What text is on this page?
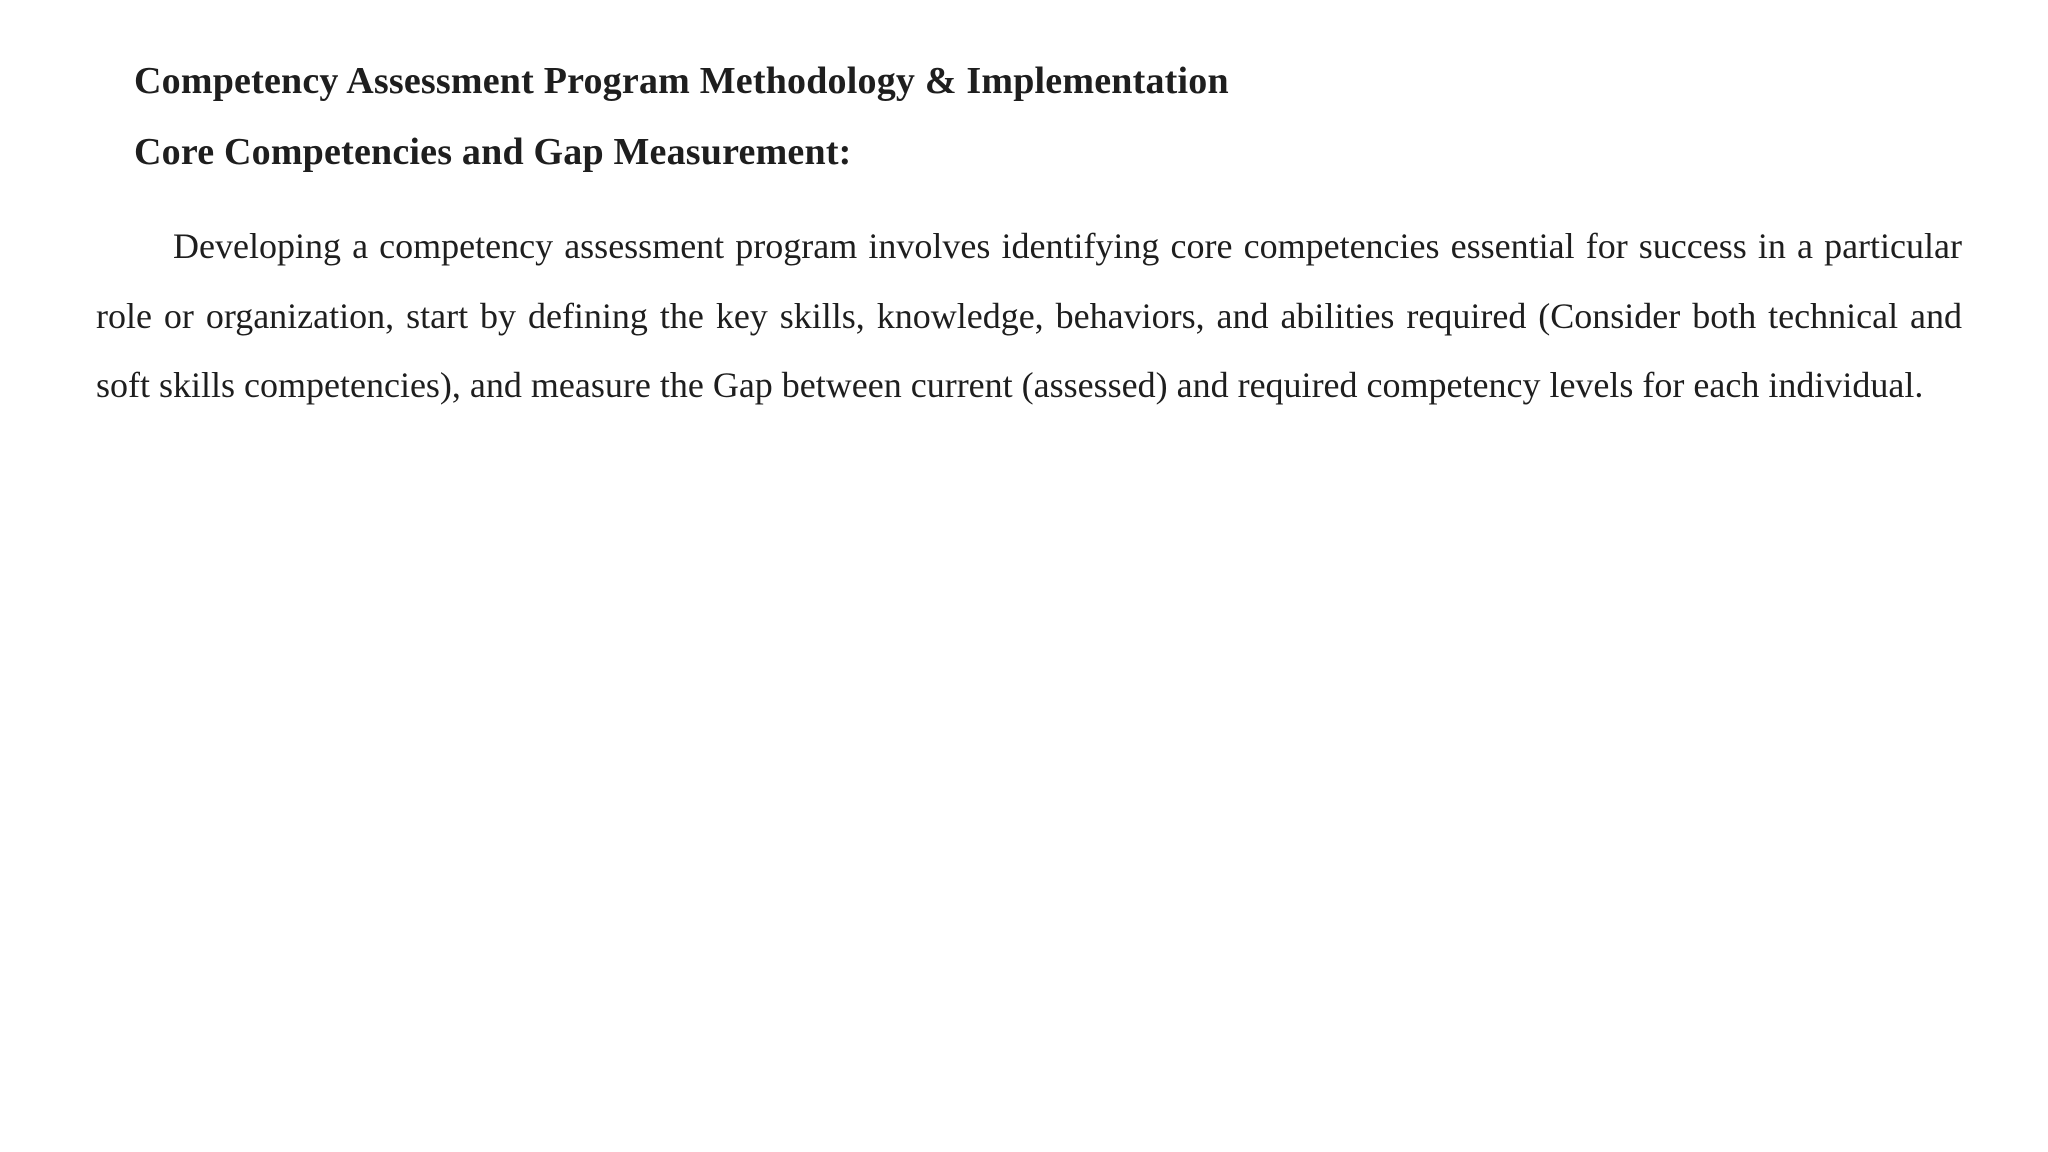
Competency Assessment Program Methodology & Implementation
Core Competencies and Gap Measurement:

Developing a competency assessment program involves identifying core competencies essential for success in a particular role or organization, start by defining the key skills, knowledge, behaviors, and abilities required (Consider both technical and soft skills competencies), and measure the Gap between current (assessed) and required competency levels for each individual.
